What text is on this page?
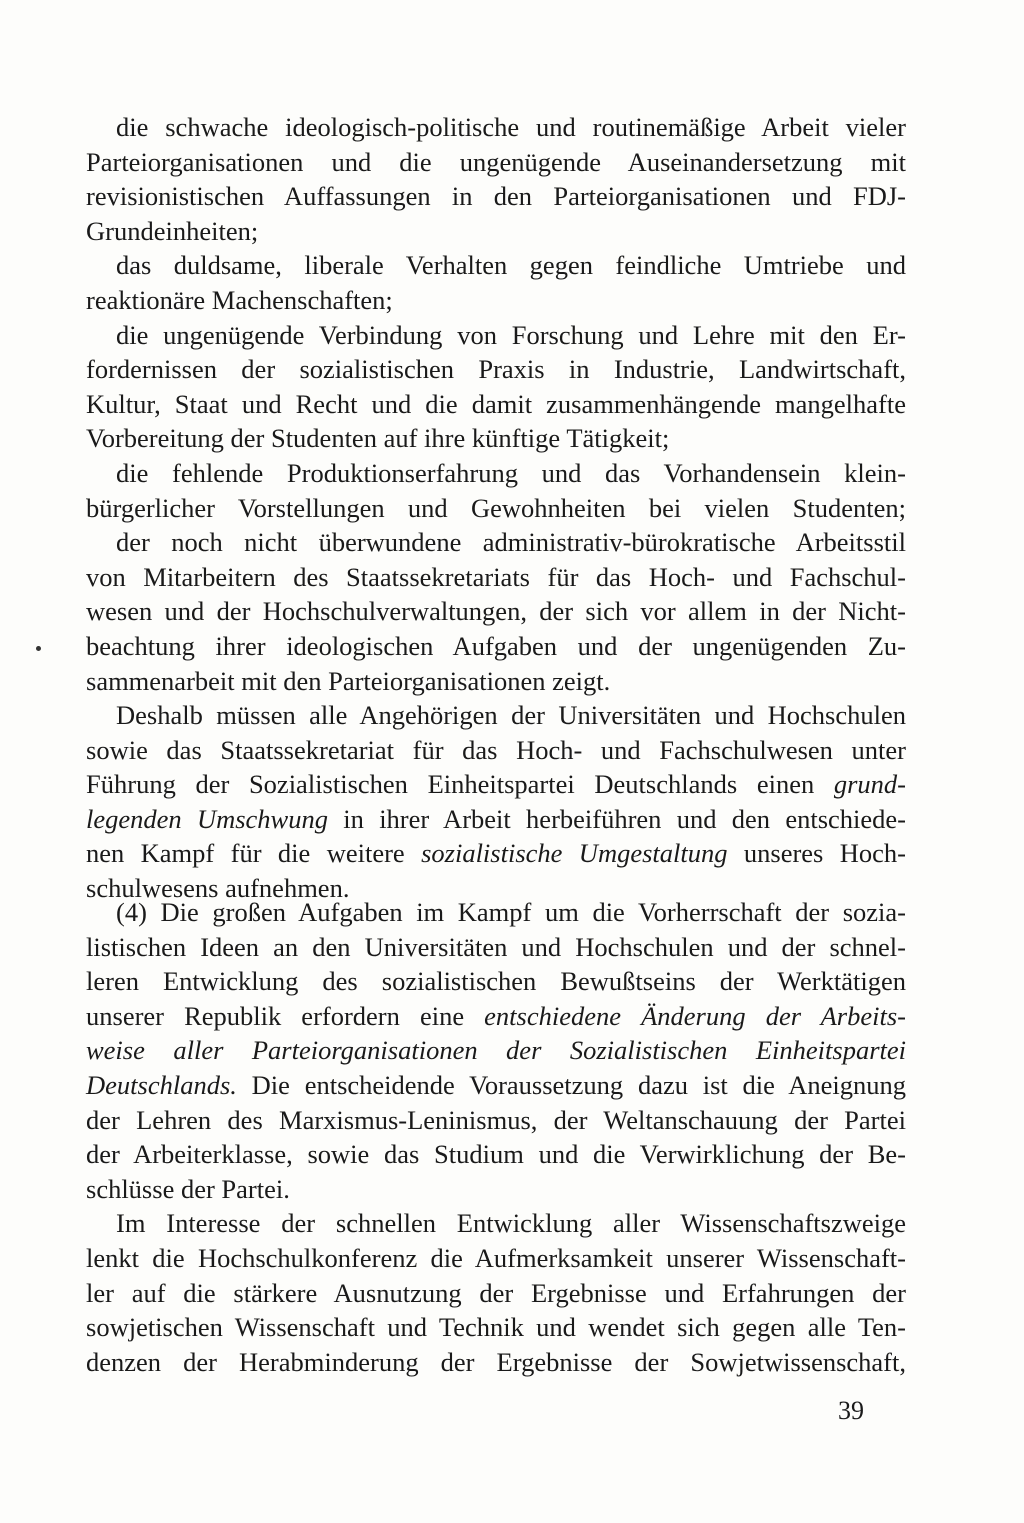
die schwache ideologisch-politische und routinemäßige Arbeit vieler
Parteiorganisationen und die ungenügende Auseinandersetzung mit
revisionistischen Auffassungen in den Parteiorganisationen und FDJ-
Grundeinheiten;
das duldsame, liberale Verhalten gegen feindliche Umtriebe und
reaktionäre Machenschaften;
die ungenügende Verbindung von Forschung und Lehre mit den Er-
fordernissen der sozialistischen Praxis in Industrie, Landwirtschaft,
Kultur, Staat und Recht und die damit zusammenhängende mangelhafte
Vorbereitung der Studenten auf ihre künftige Tätigkeit;
die fehlende Produktionserfahrung und das Vorhandensein klein-
bürgerlicher Vorstellungen und Gewohnheiten bei vielen Studenten;
der noch nicht überwundene administrativ-bürokratische Arbeitsstil
von Mitarbeitern des Staatssekretariats für das Hoch- und Fachschul-
wesen und der Hochschulverwaltungen, der sich vor allem in der Nicht-
beachtung ihrer ideologischen Aufgaben und der ungenügenden Zu-
sammenarbeit mit den Parteiorganisationen zeigt.
Deshalb müssen alle Angehörigen der Universitäten und Hochschulen
sowie das Staatssekretariat für das Hoch- und Fachschulwesen unter
Führung der Sozialistischen Einheitspartei Deutschlands einen grund-
legenden Umschwung in ihrer Arbeit herbeiführen und den entschiede-
nen Kampf für die weitere sozialistische Umgestaltung unseres Hoch-
schulwesens aufnehmen.
(4) Die großen Aufgaben im Kampf um die Vorherrschaft der sozia-
listischen Ideen an den Universitäten und Hochschulen und der schnel-
leren Entwicklung des sozialistischen Bewußtseins der Werktätigen
unserer Republik erfordern eine entschiedene Änderung der Arbeits-
weise aller Parteiorganisationen der Sozialistischen Einheitspartei
Deutschlands. Die entscheidende Voraussetzung dazu ist die Aneignung
der Lehren des Marxismus-Leninismus, der Weltanschauung der Partei
der Arbeiterklasse, sowie das Studium und die Verwirklichung der Be-
schlüsse der Partei.
Im Interesse der schnellen Entwicklung aller Wissenschaftszweige
lenkt die Hochschulkonferenz die Aufmerksamkeit unserer Wissenschaft-
ler auf die stärkere Ausnutzung der Ergebnisse und Erfahrungen der
sowjetischen Wissenschaft und Technik und wendet sich gegen alle Ten-
denzen der Herabminderung der Ergebnisse der Sowjetwissenschaft,
39
